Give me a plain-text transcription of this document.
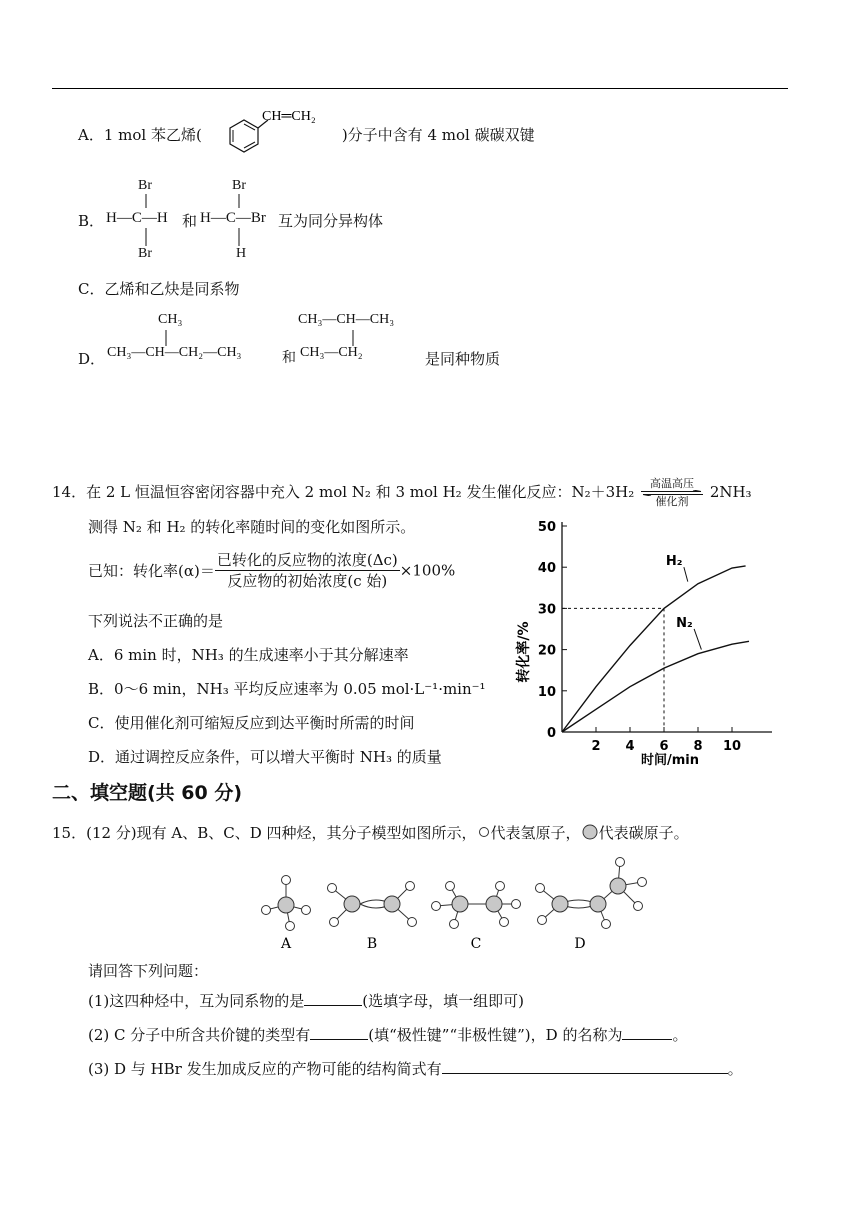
A．1 mol 苯乙烯(	)分子中含有 4 mol 碳碳双键
CH═CH₂
B．
Br
H—C—H
Br
和
Br
H—C—Br
H
互为同分异构体
C．乙烯和乙炔是同系物
D．
CH₃
CH₃—CH—CH₂—CH₃	和
CH₃—CH—CH₃
CH₃—CH₂	是同种物质
14．在 2 L 恒温恒容密闭容器中充入 2 mol N₂ 和 3 mol H₂ 发生催化反应：N₂＋3H₂ 高温高压
催化剂 2NH₃
测得 N₂ 和 H₂ 的转化率随时间的变化如图所示。
已知：转化率$(\alpha)= \frac{\text{已转化的反应物的浓度(Δc)}}{\text{反应物的初始浓度(c 始)}} \times 100\%$
下列说法不正确的是
A．6 min 时，NH₃ 的生成速率小于其分解速率
B．0～6 min，NH₃ 平均反应速率为 0.05 mol·L⁻¹·min⁻¹
C．使用催化剂可缩短反应到达平衡时所需的时间
D．通过调控反应条件，可以增大平衡时 NH₃ 的质量
0
10
20
30
40
50
2 4 6 8 10
H₂
N₂
转化率/%
时间/min
二、填空题(共 60 分)
15．(12 分)现有 A、B、C、D 四种烃，其分子模型如图所示， 代表氢原子， 代表碳原子。
A	B	C	D
请回答下列问题：
(1)这四种烃中，互为同系物的是	(选填字母，填一组即可)
(2) C 分子中所含共价键的类型有	(填“极性键”“非极性键”)，D 的名称为	。
(3) D 与 HBr 发生加成反应的产物可能的结构简式有	。
